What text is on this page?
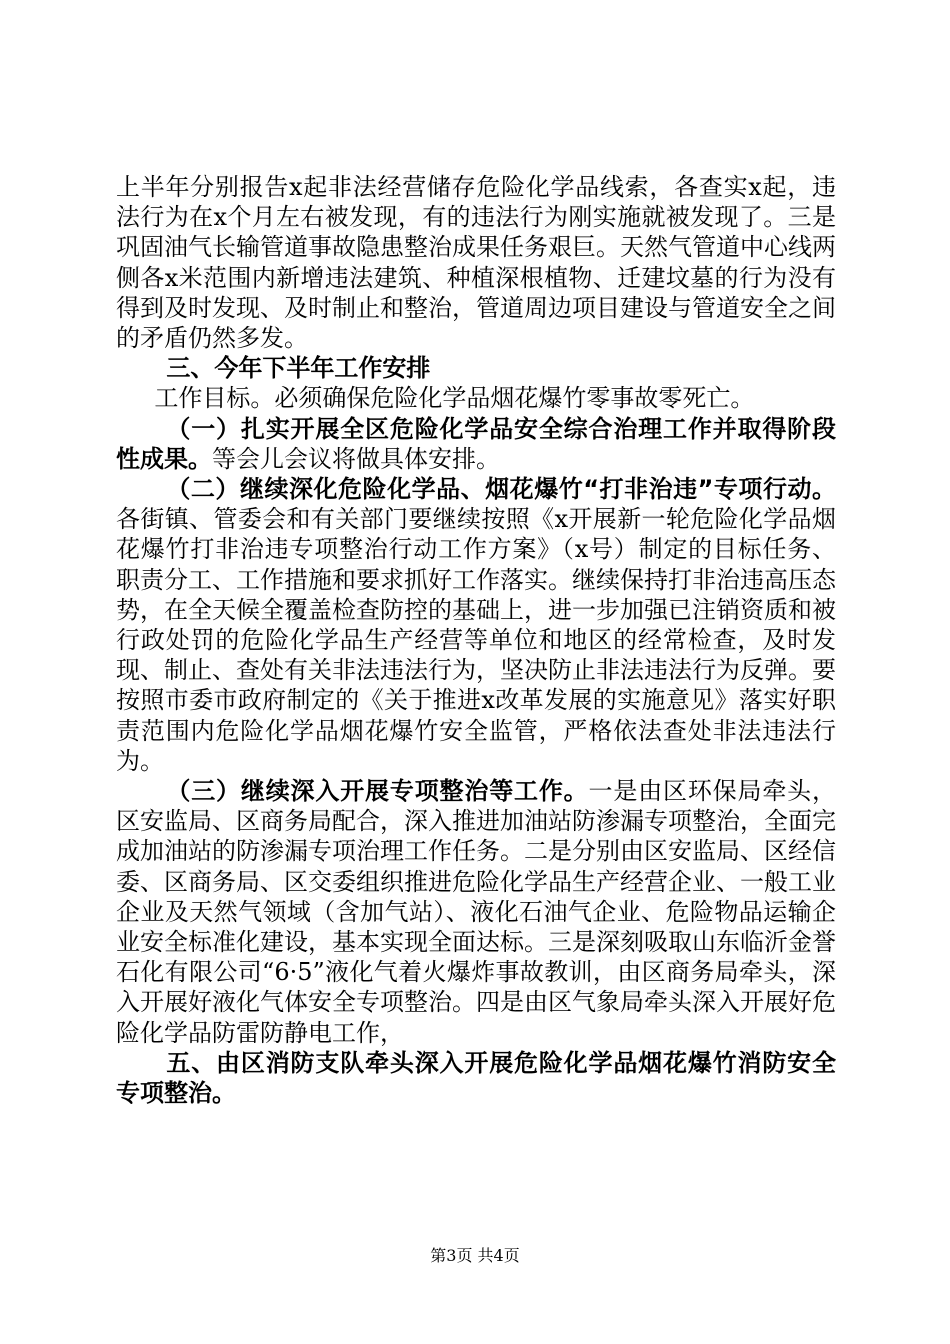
上半年分别报告x起非法经营储存危险化学品线索，各查实x起，违法行为在x个月左右被发现，有的违法行为刚实施就被发现了。三是巩固油气长输管道事故隐患整治成果任务艰巨。天然气管道中心线两侧各x米范围内新增违法建筑、种植深根植物、迁建坟墓的行为没有得到及时发现、及时制止和整治，管道周边项目建设与管道安全之间的矛盾仍然多发。

三、今年下半年工作安排

工作目标。必须确保危险化学品烟花爆竹零事故零死亡。

（一）扎实开展全区危险化学品安全综合治理工作并取得阶段性成果。等会儿会议将做具体安排。

（二）继续深化危险化学品、烟花爆竹“打非治违”专项行动。各街镇、管委会和有关部门要继续按照《x开展新一轮危险化学品烟花爆竹打非治违专项整治行动工作方案》（x号）制定的目标任务、职责分工、工作措施和要求抓好工作落实。继续保持打非治违高压态势，在全天候全覆盖检查防控的基础上，进一步加强已注销资质和被行政处罚的危险化学品生产经营等单位和地区的经常检查，及时发现、制止、查处有关非法违法行为，坚决防止非法违法行为反弹。要按照市委市政府制定的《关于推进x改革发展的实施意见》落实好职责范围内危险化学品烟花爆竹安全监管，严格依法查处非法违法行为。

（三）继续深入开展专项整治等工作。一是由区环保局牵头，区安监局、区商务局配合，深入推进加油站防渗漏专项整治，全面完成加油站的防渗漏专项治理工作任务。二是分别由区安监局、区经信委、区商务局、区交委组织推进危险化学品生产经营企业、一般工业企业及天然气领域（含加气站）、液化石油气企业、危险物品运输企业安全标准化建设，基本实现全面达标。三是深刻吸取山东临沂金誉石化有限公司“6·5”液化气着火爆炸事故教训，由区商务局牵头，深入开展好液化气体安全专项整治。四是由区气象局牵头深入开展好危险化学品防雷防静电工作，

五、由区消防支队牵头深入开展危险化学品烟花爆竹消防安全专项整治。

第3页 共4页
